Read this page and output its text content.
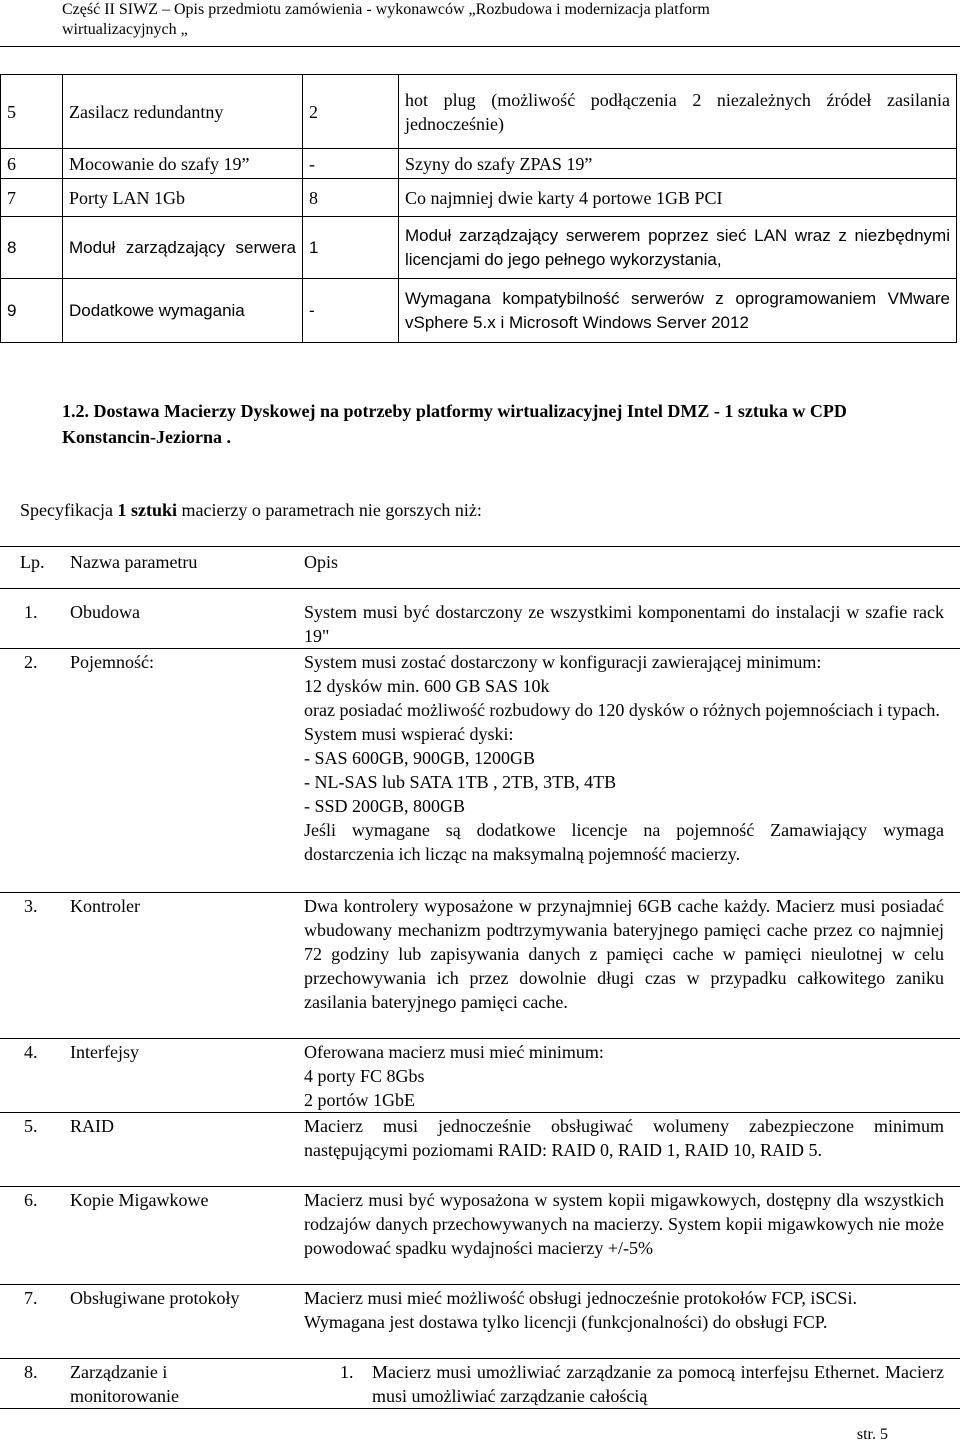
Część II SIWZ – Opis przedmiotu zamówienia - wykonawców „Rozbudowa i modernizacja platform
wirtualizacyjnych „
5	Zasilacz redundantny	2	hot plug (możliwość podłączenia 2 niezależnych źródeł zasilania jednocześnie)
6	Mocowanie do szafy 19”	-	Szyny do szafy ZPAS 19”
7	Porty LAN 1Gb	8	Co najmniej dwie karty 4 portowe 1GB PCI
8	Moduł zarządzający serwera	1	Moduł zarządzający serwerem poprzez sieć LAN wraz z niezbędnymi licencjami do jego pełnego wykorzystania,
9	Dodatkowe wymagania	-	Wymagana kompatybilność serwerów z oprogramowaniem VMware vSphere 5.x i Microsoft Windows Server 2012
1.2. Dostawa Macierzy Dyskowej na potrzeby platformy wirtualizacyjnej Intel DMZ - 1 sztuka w CPD Konstancin-Jeziorna .
Specyfikacja 1 sztuki macierzy o parametrach nie gorszych niż:
Lp. Nazwa parametru	Opis
1.	Obudowa	System musi być dostarczony ze wszystkimi komponentami do instalacji w szafie rack 19"

2.	Pojemność:	System musi zostać dostarczony w konfiguracji zawierającej minimum:

12 dysków min. 600 GB SAS 10k

oraz posiadać możliwość rozbudowy do 120 dysków o różnych pojemnościach i typach.

System musi wspierać dyski:

- SAS 600GB, 900GB, 1200GB

- NL-SAS lub SATA 1TB , 2TB, 3TB, 4TB

- SSD 200GB, 800GB

Jeśli wymagane są dodatkowe licencje na pojemność Zamawiający wymaga dostarczenia ich licząc na maksymalną pojemność macierzy.

3.	Kontroler	Dwa kontrolery wyposażone w przynajmniej 6GB cache każdy. Macierz musi posiadać wbudowany mechanizm podtrzymywania bateryjnego pamięci cache przez co najmniej 72 godziny lub zapisywania danych z pamięci cache w pamięci nieulotnej w celu przechowywania ich przez dowolnie długi czas w przypadku całkowitego zaniku zasilania bateryjnego pamięci cache.

4.	Interfejsy	Oferowana macierz musi mieć minimum:

4 porty FC 8Gbs

2 portów 1GbE

5.	RAID	Macierz musi jednocześnie obsługiwać wolumeny zabezpieczone minimum następującymi poziomami RAID: RAID 0, RAID 1, RAID 10, RAID 5.

6.	Kopie Migawkowe	Macierz musi być wyposażona w system kopii migawkowych, dostępny dla wszystkich rodzajów danych przechowywanych na macierzy. System kopii migawkowych nie może powodować spadku wydajności macierzy +/-5%

7.	Obsługiwane protokoły	Macierz musi mieć możliwość obsługi jednocześnie protokołów FCP, iSCSi.

Wymagana jest dostawa tylko licencji (funkcjonalności) do obsługi FCP.

8.	Zarządzanie i monitorowanie
1. Macierz musi umożliwiać zarządzanie za pomocą interfejsu Ethernet. Macierz musi umożliwiać zarządzanie całością

str. 5
